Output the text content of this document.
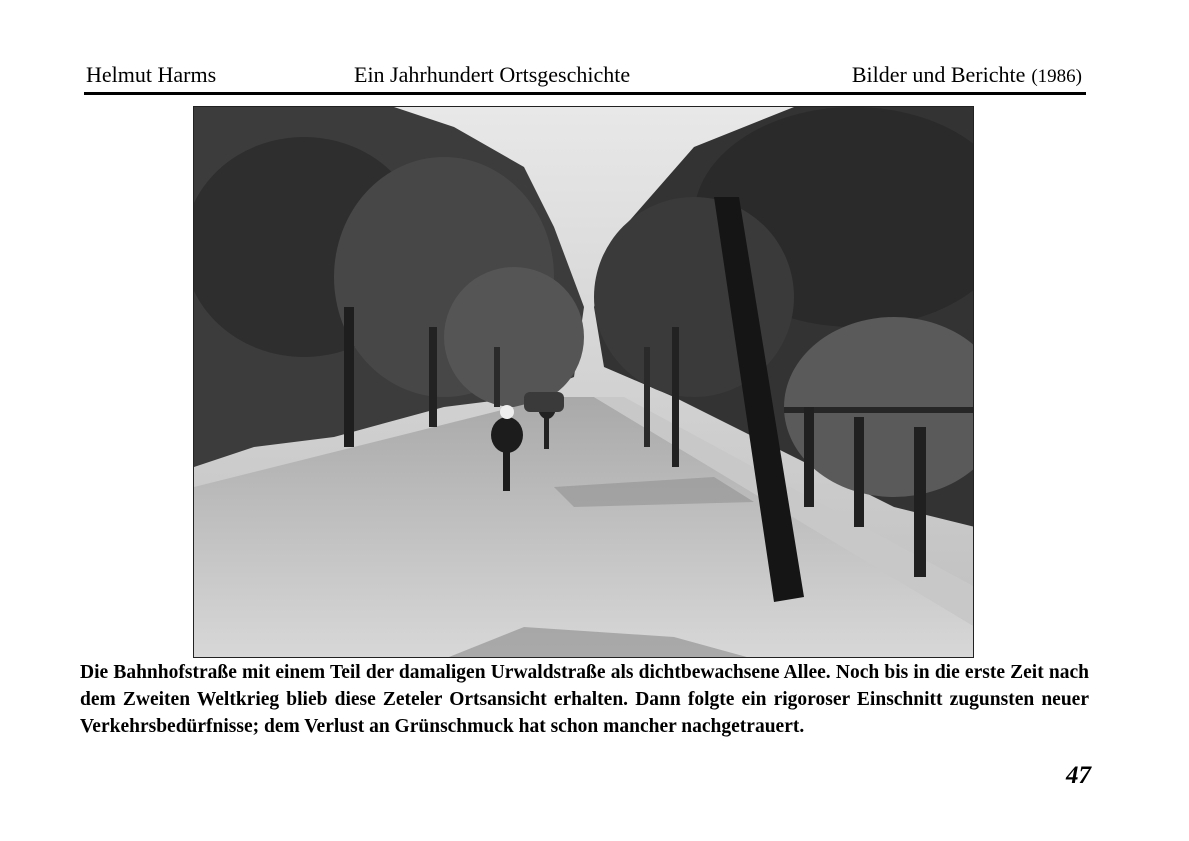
Helmut Harms	Ein Jahrhundert Ortsgeschichte	Bilder und Berichte (1986)
Die Bahnhofstraße mit einem Teil der damaligen Urwaldstraße als dichtbewachsene Allee. Noch bis in die erste Zeit nach dem Zweiten Weltkrieg blieb diese Zeteler Ortsansicht erhalten. Dann folgte ein rigoroser Einschnitt zugunsten neuer Verkehrsbedürfnisse; dem Verlust an Grünschmuck hat schon mancher nachgetrauert.
47
